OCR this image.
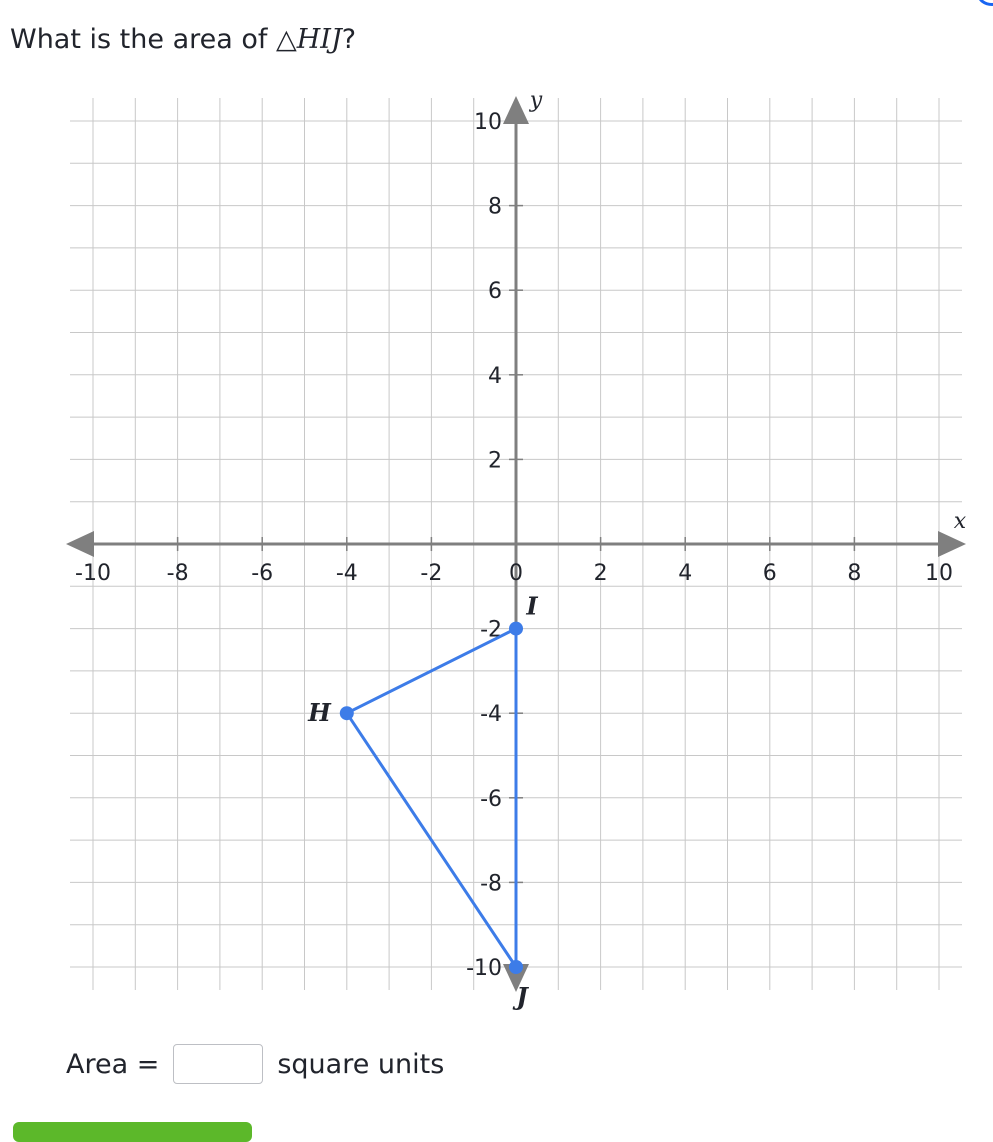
What is the area of △HIJ?
x
y
-10	-8	-6	-4	-2	0	2	4	6	8	10
-10
-8
-6
-4
-2
2
4
6
8
10
H
I
J
Area =	square units
